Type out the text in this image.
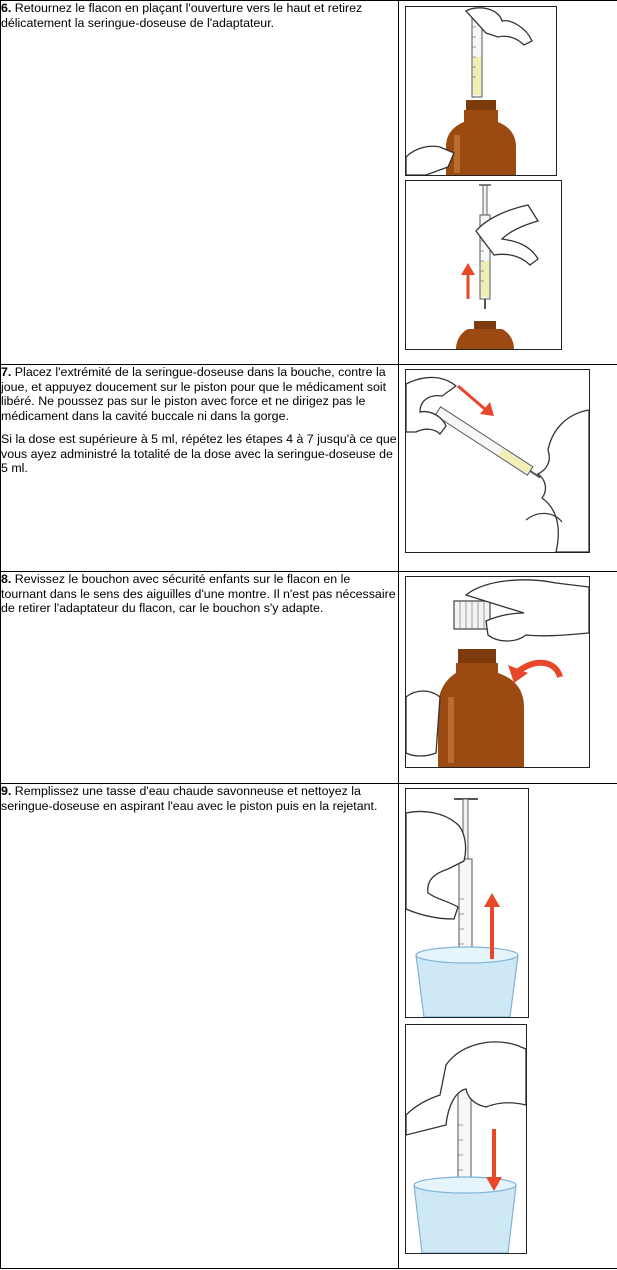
6. Retournez le flacon en plaçant l'ouverture vers le haut et retirez délicatement la seringue-doseuse de l'adaptateur.

7. Placez l'extrémité de la seringue-doseuse dans la bouche, contre la joue, et appuyez doucement sur le piston pour que le médicament soit libéré. Ne poussez pas sur le piston avec force et ne dirigez pas le médicament dans la cavité buccale ni dans la gorge.

Si la dose est supérieure à 5 ml, répétez les étapes 4 à 7 jusqu'à ce que vous ayez administré la totalité de la dose avec la seringue-doseuse de 5 ml.

8. Revissez le bouchon avec sécurité enfants sur le flacon en le tournant dans le sens des aiguilles d'une montre. Il n'est pas nécessaire de retirer l'adaptateur du flacon, car le bouchon s'y adapte.

9. Remplissez une tasse d'eau chaude savonneuse et nettoyez la seringue-doseuse en aspirant l'eau avec le piston puis en la rejetant.
